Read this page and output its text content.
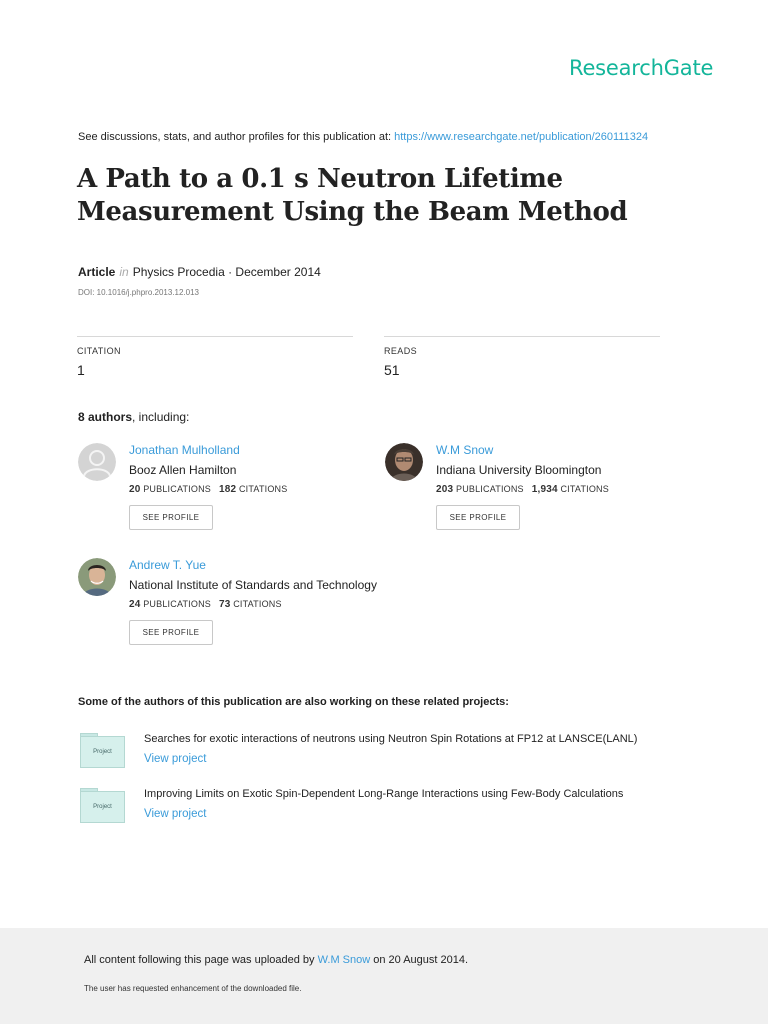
ResearchGate
See discussions, stats, and author profiles for this publication at: https://www.researchgate.net/publication/260111324
A Path to a 0.1 s Neutron Lifetime Measurement Using the Beam Method
Article in Physics Procedia · December 2014
DOI: 10.1016/j.phpro.2013.12.013
CITATION
1
READS
51
8 authors, including:
Jonathan Mulholland
Booz Allen Hamilton
20 PUBLICATIONS 182 CITATIONS
SEE PROFILE
W.M Snow
Indiana University Bloomington
203 PUBLICATIONS 1,934 CITATIONS
SEE PROFILE
Andrew T. Yue
National Institute of Standards and Technology
24 PUBLICATIONS 73 CITATIONS
SEE PROFILE
Some of the authors of this publication are also working on these related projects:
Project
Searches for exotic interactions of neutrons using Neutron Spin Rotations at FP12 at LANSCE(LANL)
View project
Project
Improving Limits on Exotic Spin-Dependent Long-Range Interactions using Few-Body Calculations
View project
All content following this page was uploaded by W.M Snow on 20 August 2014.
The user has requested enhancement of the downloaded file.
